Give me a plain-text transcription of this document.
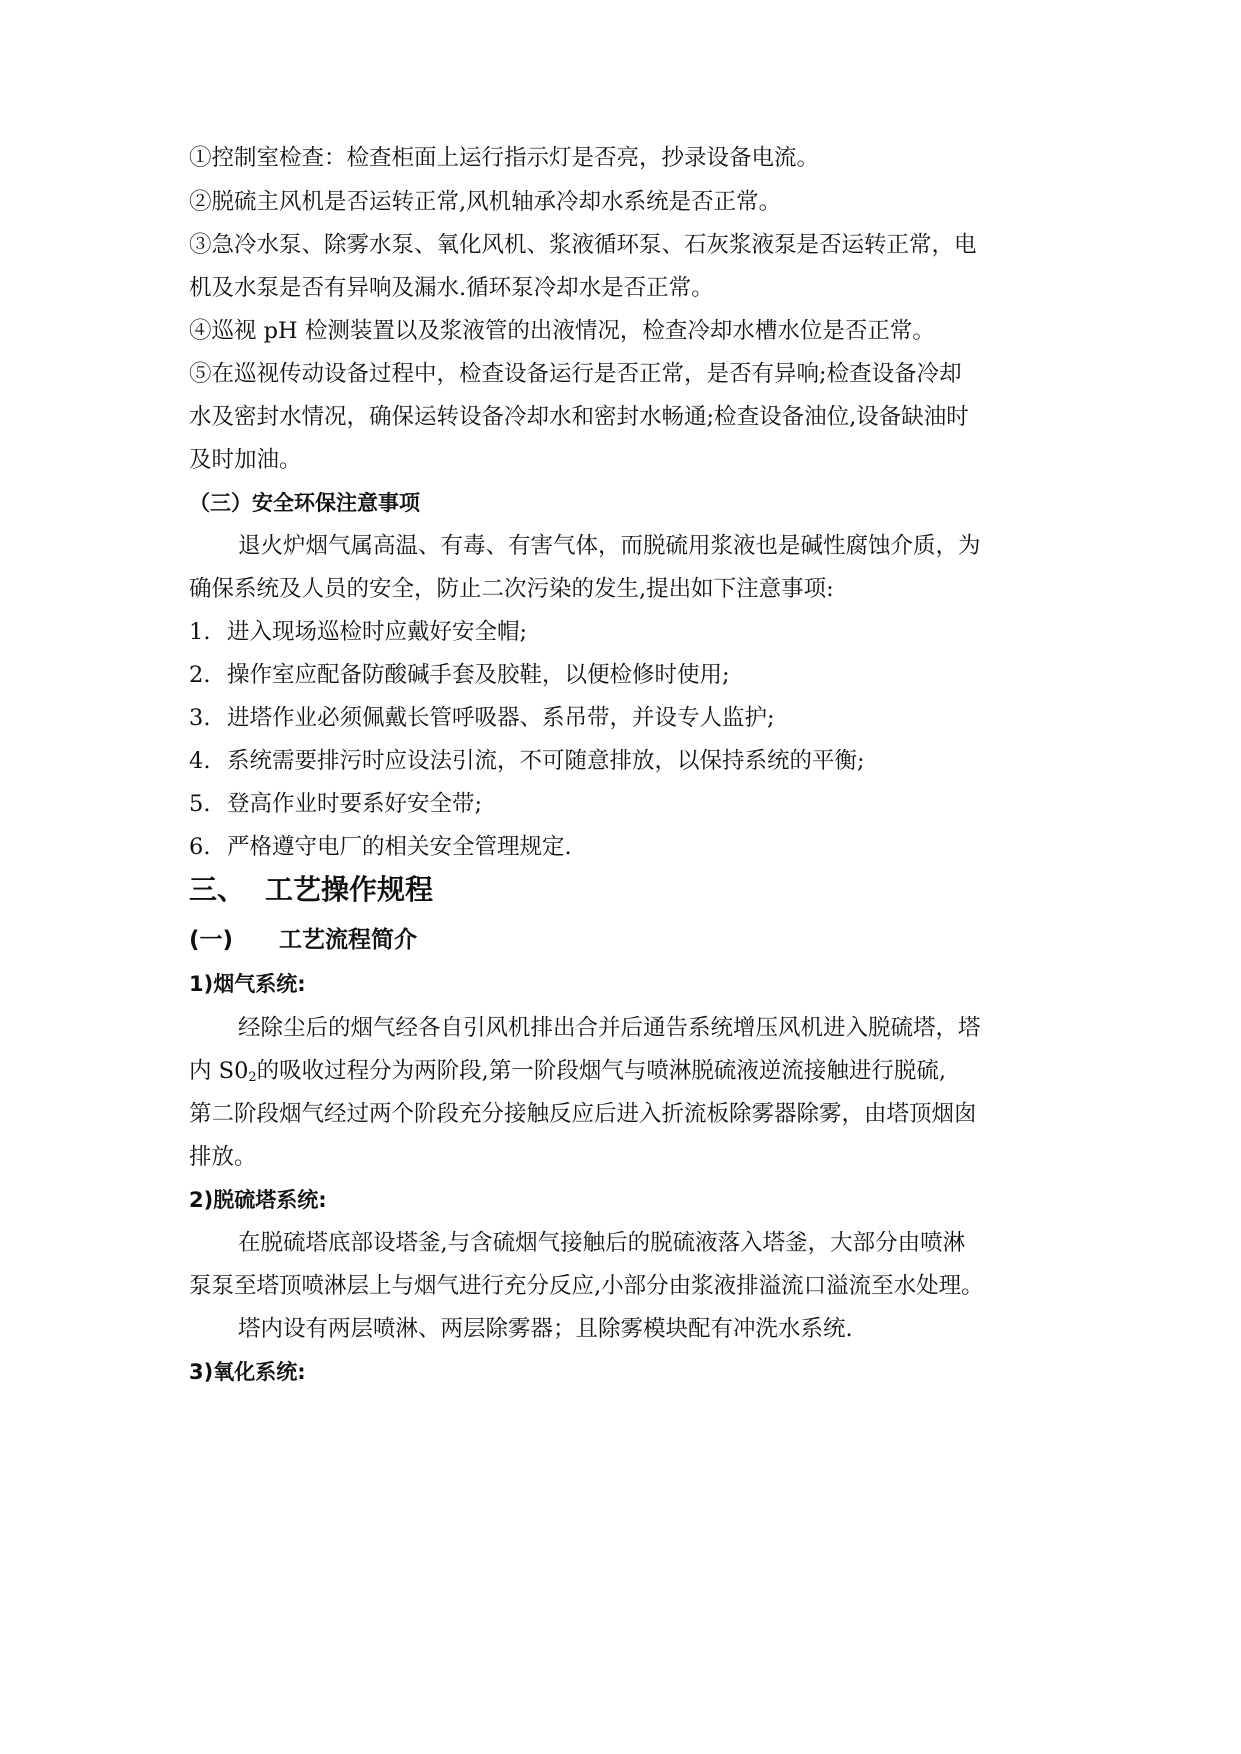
①控制室检查：检查柜面上运行指示灯是否亮，抄录设备电流。
②脱硫主风机是否运转正常,风机轴承冷却水系统是否正常。
③急冷水泵、除雾水泵、氧化风机、浆液循环泵、石灰浆液泵是否运转正常，电
机及水泵是否有异响及漏水.循环泵冷却水是否正常。
④巡视 pH 检测装置以及浆液管的出液情况，检查冷却水槽水位是否正常。
⑤在巡视传动设备过程中，检查设备运行是否正常，是否有异响;检查设备冷却
水及密封水情况，确保运转设备冷却水和密封水畅通;检查设备油位,设备缺油时
及时加油。
（三）安全环保注意事项
退火炉烟气属高温、有毒、有害气体，而脱硫用浆液也是碱性腐蚀介质，为
确保系统及人员的安全，防止二次污染的发生,提出如下注意事项:
1. 进入现场巡检时应戴好安全帽;
2. 操作室应配备防酸碱手套及胶鞋，以便检修时使用;
3. 进塔作业必须佩戴长管呼吸器、系吊带，并设专人监护;
4. 系统需要排污时应设法引流，不可随意排放，以保持系统的平衡;
5. 登高作业时要系好安全带;
6. 严格遵守电厂的相关安全管理规定.
三、 工艺操作规程
(一) 工艺流程简介
1)烟气系统:
经除尘后的烟气经各自引风机排出合并后通告系统增压风机进入脱硫塔，塔
内 $S0_2$的吸收过程分为两阶段,第一阶段烟气与喷淋脱硫液逆流接触进行脱硫,
第二阶段烟气经过两个阶段充分接触反应后进入折流板除雾器除雾，由塔顶烟囱
排放。
2)脱硫塔系统:
在脱硫塔底部设塔釜,与含硫烟气接触后的脱硫液落入塔釜，大部分由喷淋
泵泵至塔顶喷淋层上与烟气进行充分反应,小部分由浆液排溢流口溢流至水处理。
塔内设有两层喷淋、两层除雾器；且除雾模块配有冲洗水系统.
3)氧化系统:
